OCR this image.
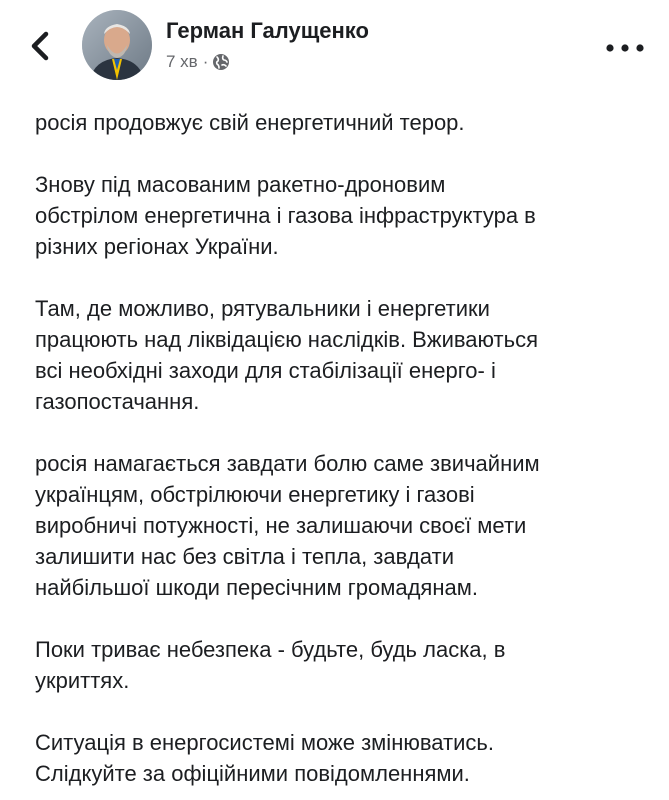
Герман Галущенко
7 хв ·

росія продовжує свій енергетичний терор.

Знову під масованим ракетно-дроновим
обстрілом енергетична і газова інфраструктура в
різних регіонах України.

Там, де можливо, рятувальники і енергетики
працюють над ліквідацією наслідків. Вживаються
всі необхідні заходи для стабілізації енерго- і
газопостачання.

росія намагається завдати болю саме звичайним
українцям, обстрілюючи енергетику і газові
виробничі потужності, не залишаючи своєї мети
залишити нас без світла і тепла, завдати
найбільшої шкоди пересічним громадянам.

Поки триває небезпека - будьте, будь ласка, в
укриттях.

Ситуація в енергосистемі може змінюватись.
Слідкуйте за офіційними повідомленнями.
